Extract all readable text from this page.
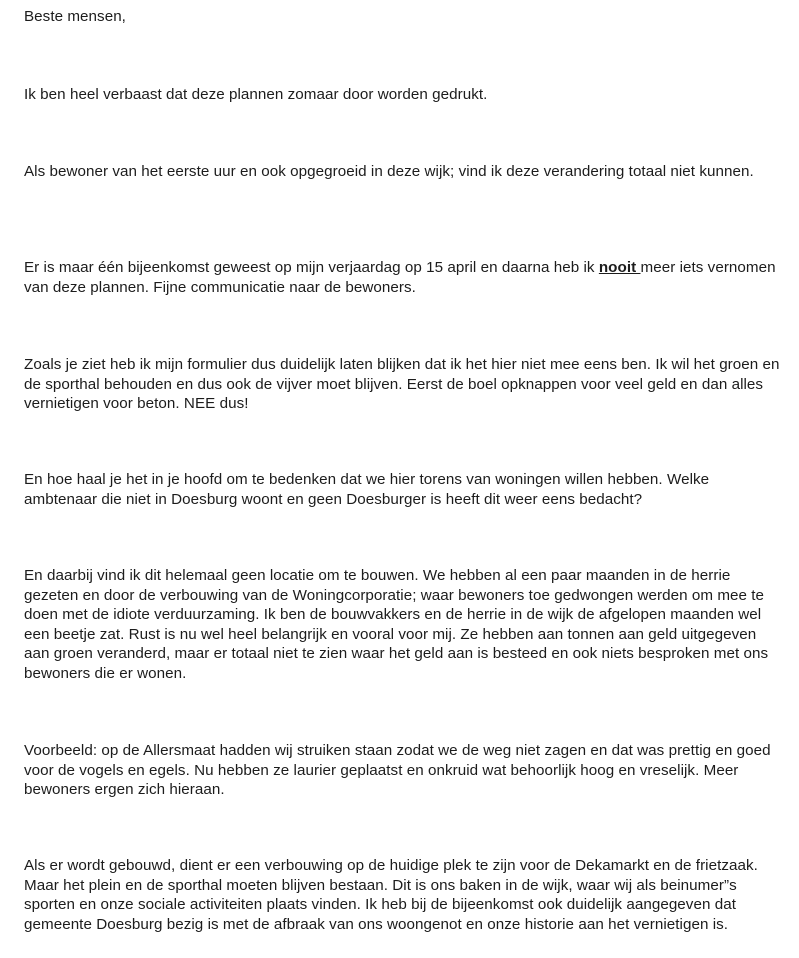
Beste mensen,

Ik ben heel verbaast dat deze plannen zomaar door worden gedrukt.

Als bewoner van het eerste uur en ook opgegroeid in deze wijk; vind ik deze verandering totaal niet kunnen.

Er is maar één bijeenkomst geweest op mijn verjaardag op 15 april en daarna heb ik nooit meer iets vernomen van deze plannen. Fijne communicatie naar de bewoners.

Zoals je ziet heb ik mijn formulier dus duidelijk laten blijken dat ik het hier niet mee eens ben. Ik wil het groen en de sporthal behouden en dus ook de vijver moet blijven. Eerst de boel opknappen voor veel geld en dan alles vernietigen voor beton. NEE dus!

En hoe haal je het in je hoofd om te bedenken dat we hier torens van woningen willen hebben. Welke ambtenaar die niet in Doesburg woont en geen Doesburger is heeft dit weer eens bedacht?

En daarbij vind ik dit helemaal geen locatie om te bouwen. We hebben al een paar maanden in de herrie gezeten en door de verbouwing van de Woningcorporatie; waar bewoners toe gedwongen werden om mee te doen met de idiote verduurzaming. Ik ben de bouwvakkers en de herrie in de wijk de afgelopen maanden wel een beetje zat. Rust is nu wel heel belangrijk en vooral voor mij. Ze hebben aan tonnen aan geld uitgegeven aan groen veranderd, maar er totaal niet te zien waar het geld aan is besteed en ook niets besproken met ons bewoners die er wonen.

Voorbeeld: op de Allersmaat hadden wij struiken staan zodat we de weg niet zagen en dat was prettig en goed voor de vogels en egels. Nu hebben ze laurier geplaatst en onkruid wat behoorlijk hoog en vreselijk. Meer bewoners ergen zich hieraan.

Als er wordt gebouwd, dient er een verbouwing op de huidige plek te zijn voor de Dekamarkt en de frietzaak. Maar het plein en de sporthal moeten blijven bestaan. Dit is ons baken in de wijk, waar wij als beinumer”s sporten en onze sociale activiteiten plaats vinden. Ik heb bij de bijeenkomst ook duidelijk aangegeven dat gemeente Doesburg bezig is met de afbraak van ons woongenot en onze historie aan het vernietigen is.
